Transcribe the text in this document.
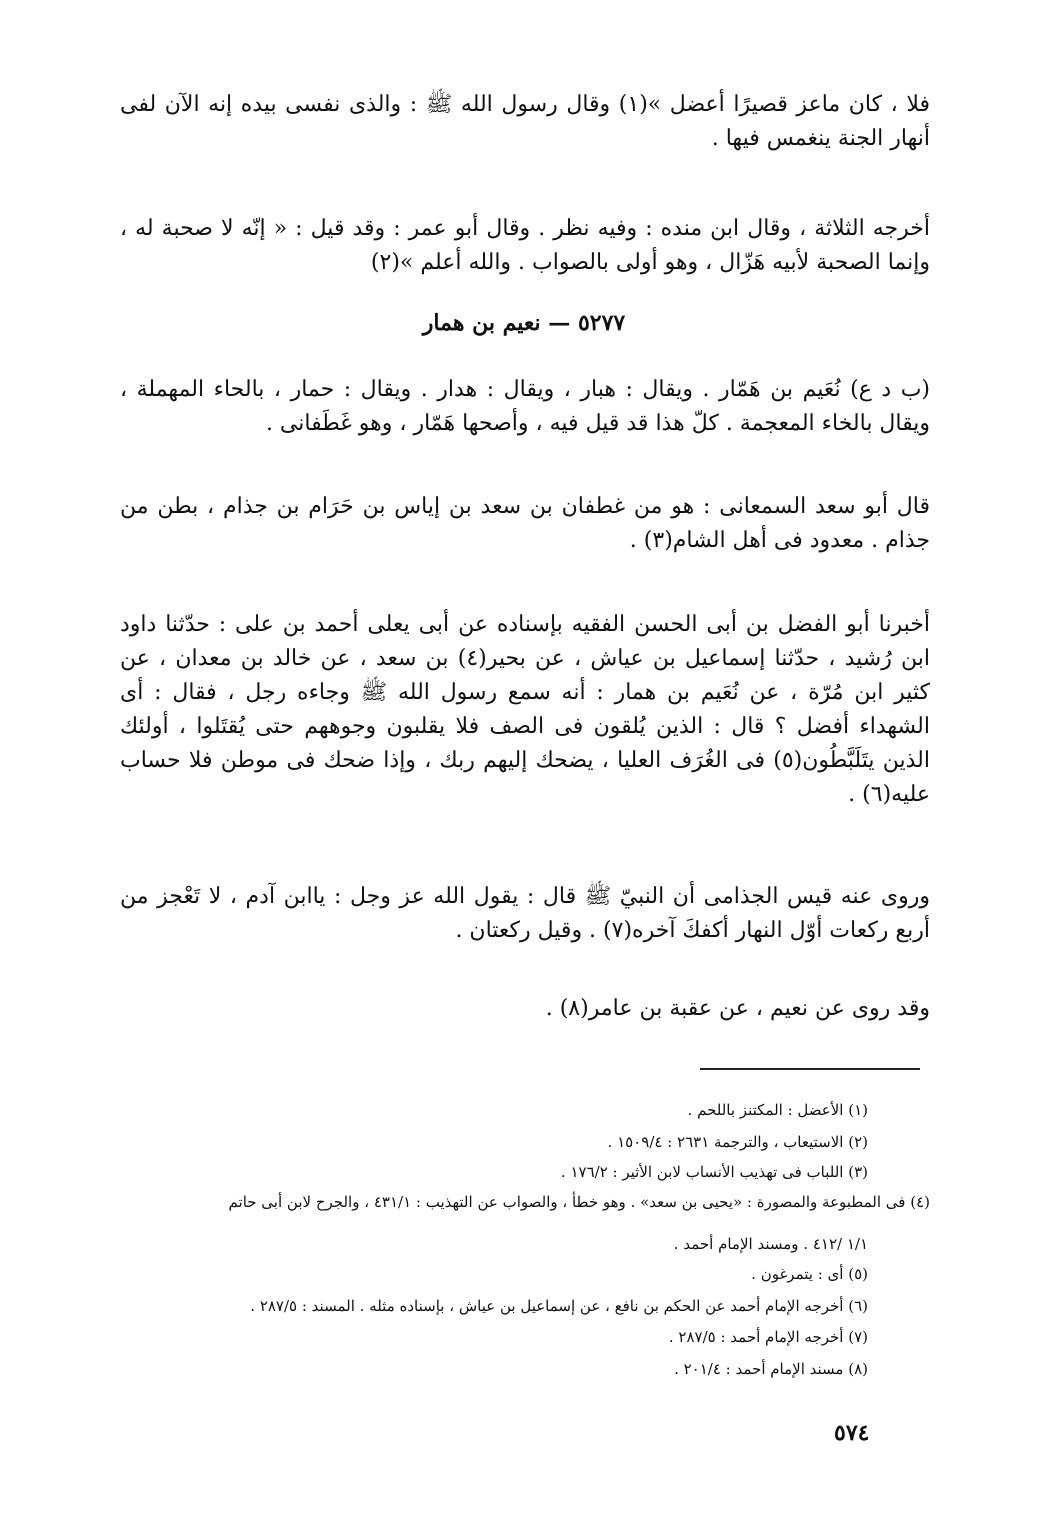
فلا ، كان ماعز قصيرًا أعضل »(١) وقال رسول الله ﷺ : والذى نفسى بيده إنه الآن لفى أنهار الجنة ينغمس فيها .

أخرجه الثلاثة ، وقال ابن منده : وفيه نظر . وقال أبو عمر : وقد قيل : « إنّه لا صحبة له ، وإنما الصحبة لأبيه هَزّال ، وهو أولى بالصواب . والله أعلم »(٢)

٥٢٧٧ — نعيم بن همار

(ب د ع) نُعَيم بن هَمّار . ويقال : هبار ، ويقال : هدار . ويقال : حمار ، بالحاء المهملة ، ويقال بالخاء المعجمة . كلّ هذا قد قيل فيه ، وأصحها هَمّار ، وهو غَطَفانى .

قال أبو سعد السمعانى : هو من غطفان بن سعد بن إياس بن حَرَام بن جذام ، بطن من جذام . معدود فى أهل الشام(٣) .

أخبرنا أبو الفضل بن أبى الحسن الفقيه بإسناده عن أبى يعلى أحمد بن على : حدّثنا داود ابن رُشيد ، حدّثنا إسماعيل بن عياش ، عن بحير(٤) بن سعد ، عن خالد بن معدان ، عن كثير ابن مُرّة ، عن نُعَيم بن همار : أنه سمع رسول الله ﷺ وجاءه رجل ، فقال : أى الشهداء أفضل ؟ قال : الذين يُلقون فى الصف فلا يقلبون وجوههم حتى يُقتَلوا ، أولئك الذين يتَلَبَّطُون(٥) فى الغُرَف العليا ، يضحك إليهم ربك ، وإذا ضحك فى موطن فلا حساب عليه(٦) .

وروى عنه قيس الجذامى أن النبيّ ﷺ قال : يقول الله عز وجل : ياابن آدم ، لا تَعْجز من أربع ركعات أوّل النهار أكفكَ آخره(٧) . وقيل ركعتان .

وقد روى عن نعيم ، عن عقبة بن عامر(٨) .

(١) الأعضل : المكتنز باللحم .

(٢) الاستيعاب ، والترجمة ٢٦٣١ : ١٥٠٩/٤ .

(٣) اللباب فى تهذيب الأنساب لابن الأثير : ١٧٦/٢ .

(٤) فى المطبوعة والمصورة : «يحيى بن سعد» . وهو خطأ ، والصواب عن التهذيب : ٤٣١/١ ، والجرح لابن أبى حاتم

١/١ /٤١٢ . ومسند الإمام أحمد .

(٥) أى : يتمرغون .

(٦) أخرجه الإمام أحمد عن الحكم بن نافع ، عن إسماعيل بن عياش ، بإسناده مثله . المسند : ٢٨٧/٥ .

(٧) أخرجه الإمام أحمد : ٢٨٧/٥ .

(٨) مسند الإمام أحمد : ٢٠١/٤ .

٥٧٤
